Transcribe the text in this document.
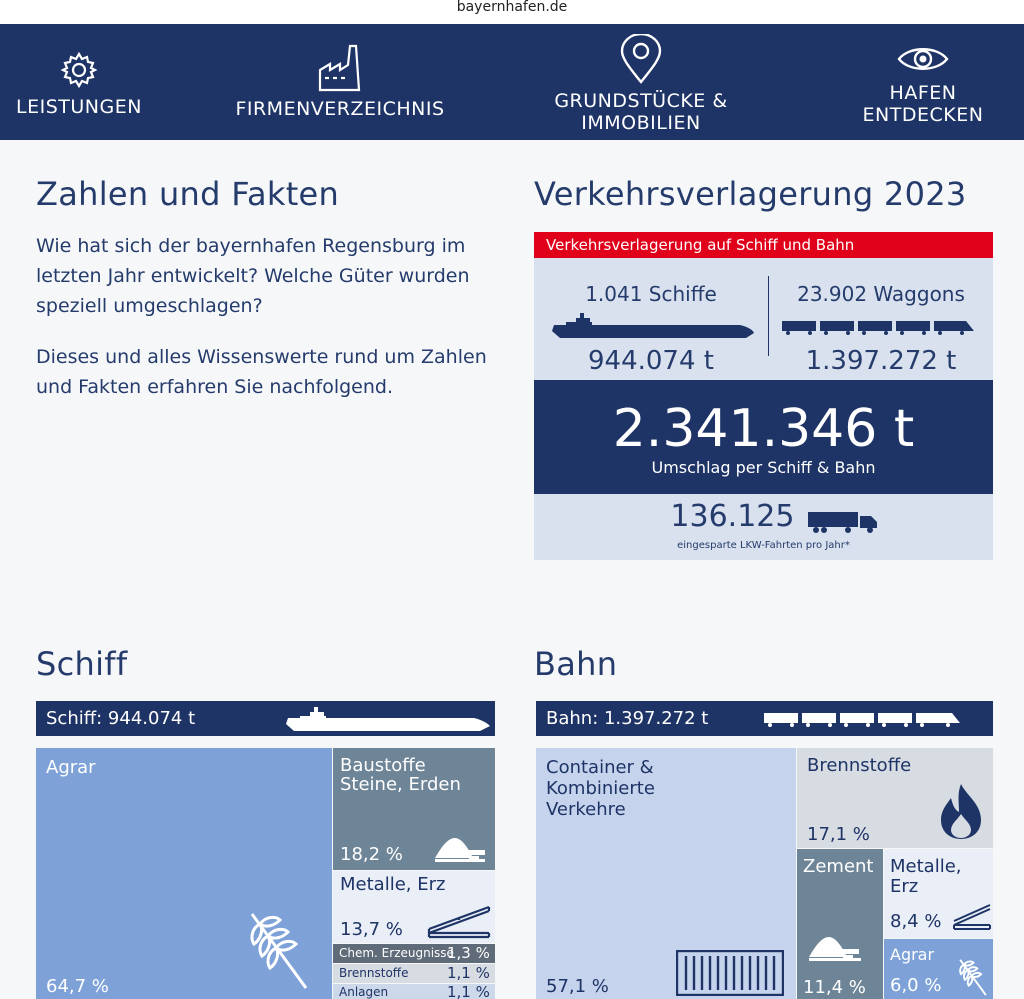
bayernhafen.de
LEISTUNGEN	FIRMENVERZEICHNIS	GRUNDSTÜCKE &
IMMOBILIEN
HAFEN
ENTDECKEN
Zahlen und Fakten

Wie hat sich der bayernhafen Regensburg im letzten Jahr entwickelt? Welche Güter wurden speziell umgeschlagen?

Dieses und alles Wissenswerte rund um Zahlen und Fakten erfahren Sie nachfolgend.

Verkehrsverlagerung 2023
Verkehrsverlagerung auf Schiff und Bahn
1.041 Schiffe
944.074 t
23.902 Waggons
1.397.272 t
2.341.346 t
Umschlag per Schiff & Bahn
136.125
eingesparte LKW-Fahrten pro Jahr*
Schiff
Schiff: 944.074 t
Agrar
64,7 %
Baustoffe
Steine, Erden
18,2 %
Metalle, Erz
13,7 %
Chem. Erzeugnisse
1,3 %
Brennstoffe	1,1 %
Anlagen	1,1 %
Bahn
Bahn: 1.397.272 t
Container &
Kombinierte
Verkehre
57,1 %
Brennstoffe
17,1 %
Zement
11,4 %
Metalle, Erz
8,4 %
Agrar
6,0 %
